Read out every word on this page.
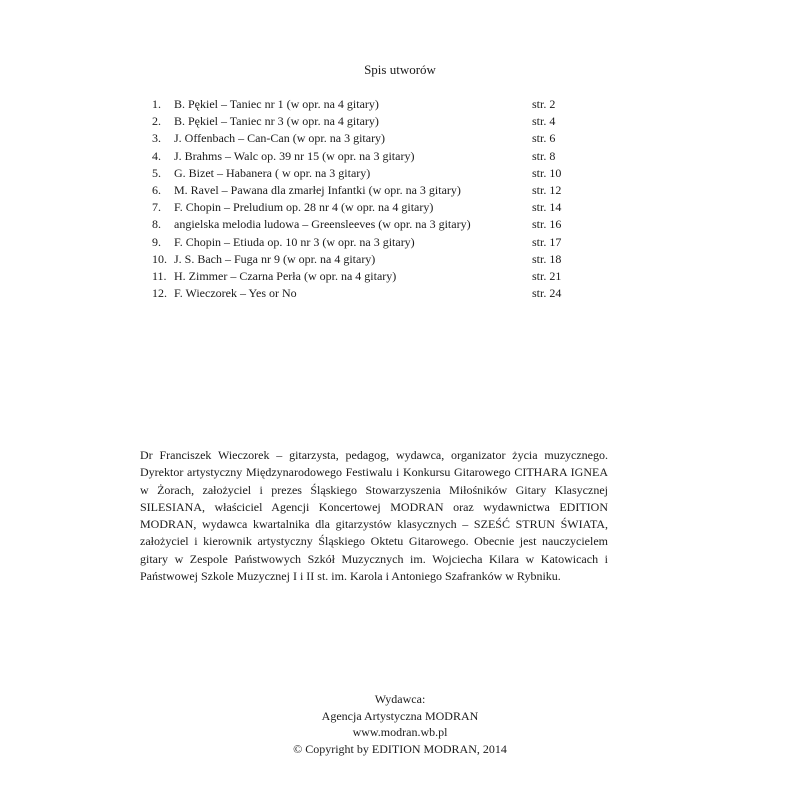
Spis utworów
1. B. Pękiel – Taniec nr 1 (w opr. na 4 gitary)	str. 2
2. B. Pękiel – Taniec nr 3 (w opr. na 4 gitary)	str. 4
3. J. Offenbach – Can-Can (w opr. na 3 gitary)	str. 6
4. J. Brahms – Walc op. 39 nr 15 (w opr. na 3 gitary)	str. 8
5. G. Bizet – Habanera ( w opr. na 3 gitary)	str. 10
6. M. Ravel – Pawana dla zmarłej Infantki (w opr. na 3 gitary)	str. 12
7. F. Chopin – Preludium op. 28 nr 4 (w opr. na 4 gitary)	str. 14
8. angielska melodia ludowa – Greensleeves (w opr. na 3 gitary)	str. 16
9. F. Chopin – Etiuda op. 10 nr 3 (w opr. na 3 gitary)	str. 17
10. J. S. Bach – Fuga nr 9 (w opr. na 4 gitary)	str. 18
11. H. Zimmer – Czarna Perła (w opr. na 4 gitary)	str. 21
12. F. Wieczorek – Yes or No	str. 24

Dr Franciszek Wieczorek – gitarzysta, pedagog, wydawca, organizator życia muzycznego. Dyrektor artystyczny Międzynarodowego Festiwalu i Konkursu Gitarowego CITHARA IGNEA w Żorach, założyciel i prezes Śląskiego Stowarzyszenia Miłośników Gitary Klasycznej SILESIANA, właściciel Agencji Koncertowej MODRAN oraz wydawnictwa EDITION MODRAN, wydawca kwartalnika dla gitarzystów klasycznych – SZEŚĆ STRUN ŚWIATA, założyciel i kierownik artystyczny Śląskiego Oktetu Gitarowego. Obecnie jest nauczycielem gitary w Zespole Państwowych Szkół Muzycznych im. Wojciecha Kilara w Katowicach i Państwowej Szkole Muzycznej I i II st. im. Karola i Antoniego Szafranków w Rybniku.

Wydawca:
Agencja Artystyczna MODRAN
www.modran.wb.pl
© Copyright by EDITION MODRAN, 2014
